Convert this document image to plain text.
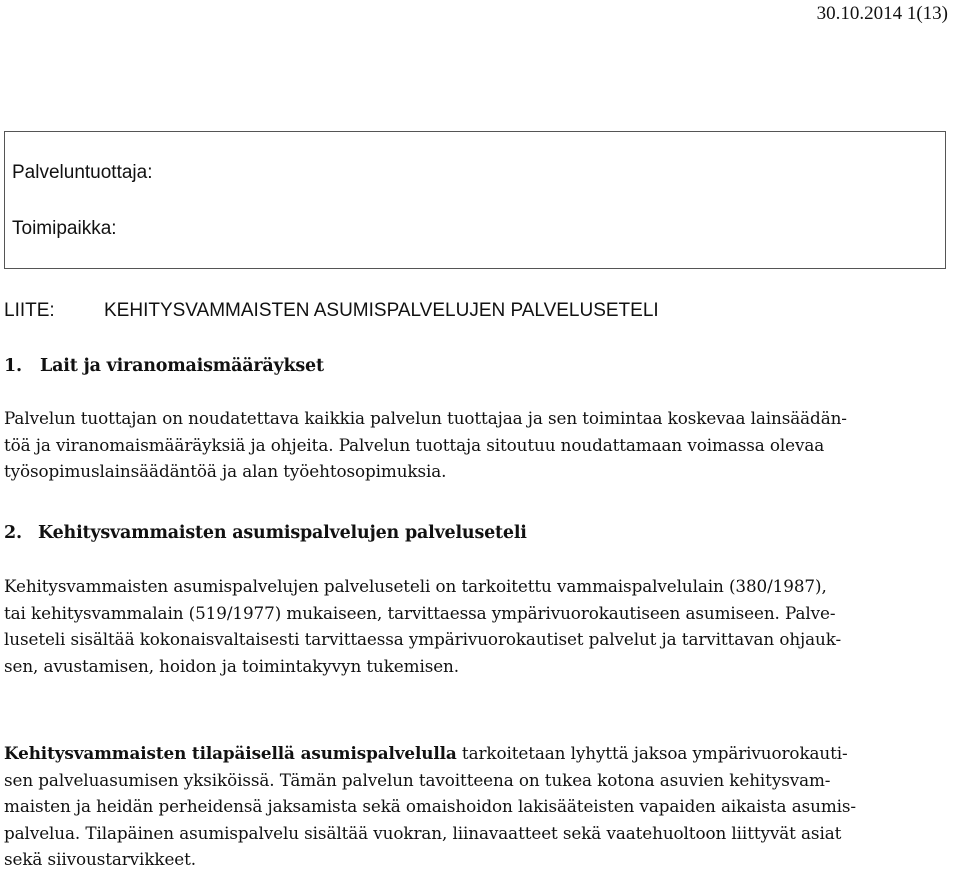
30.10.2014 1(13)
Palveluntuottaja:
Toimipaikka:
LIITE:	KEHITYSVAMMAISTEN ASUMISPALVELUJEN PALVELUSETELI
1. Lait ja viranomaismääräykset
Palvelun tuottajan on noudatettava kaikkia palvelun tuottajaa ja sen toimintaa koskevaa lainsäädän-
töä ja viranomaismääräyksiä ja ohjeita. Palvelun tuottaja sitoutuu noudattamaan voimassa olevaa
työsopimuslainsäädäntöä ja alan työehtosopimuksia.
2. Kehitysvammaisten asumispalvelujen palveluseteli
Kehitysvammaisten asumispalvelujen palveluseteli on tarkoitettu vammaispalvelulain (380/1987),
tai kehitysvammalain (519/1977) mukaiseen, tarvittaessa ympärivuorokautiseen asumiseen. Palve-
luseteli sisältää kokonaisvaltaisesti tarvittaessa ympärivuorokautiset palvelut ja tarvittavan ohjauk-
sen, avustamisen, hoidon ja toimintakyvyn tukemisen.
Kehitysvammaisten tilapäisellä asumispalvelulla tarkoitetaan lyhyttä jaksoa ympärivuorokauti-
sen palveluasumisen yksiköissä. Tämän palvelun tavoitteena on tukea kotona asuvien kehitysvam-
maisten ja heidän perheidensä jaksamista sekä omaishoidon lakisääteisten vapaiden aikaista asumis-
palvelua. Tilapäinen asumispalvelu sisältää vuokran, liinavaatteet sekä vaatehuoltoon liittyvät asiat
sekä siivoustarvikkeet.
